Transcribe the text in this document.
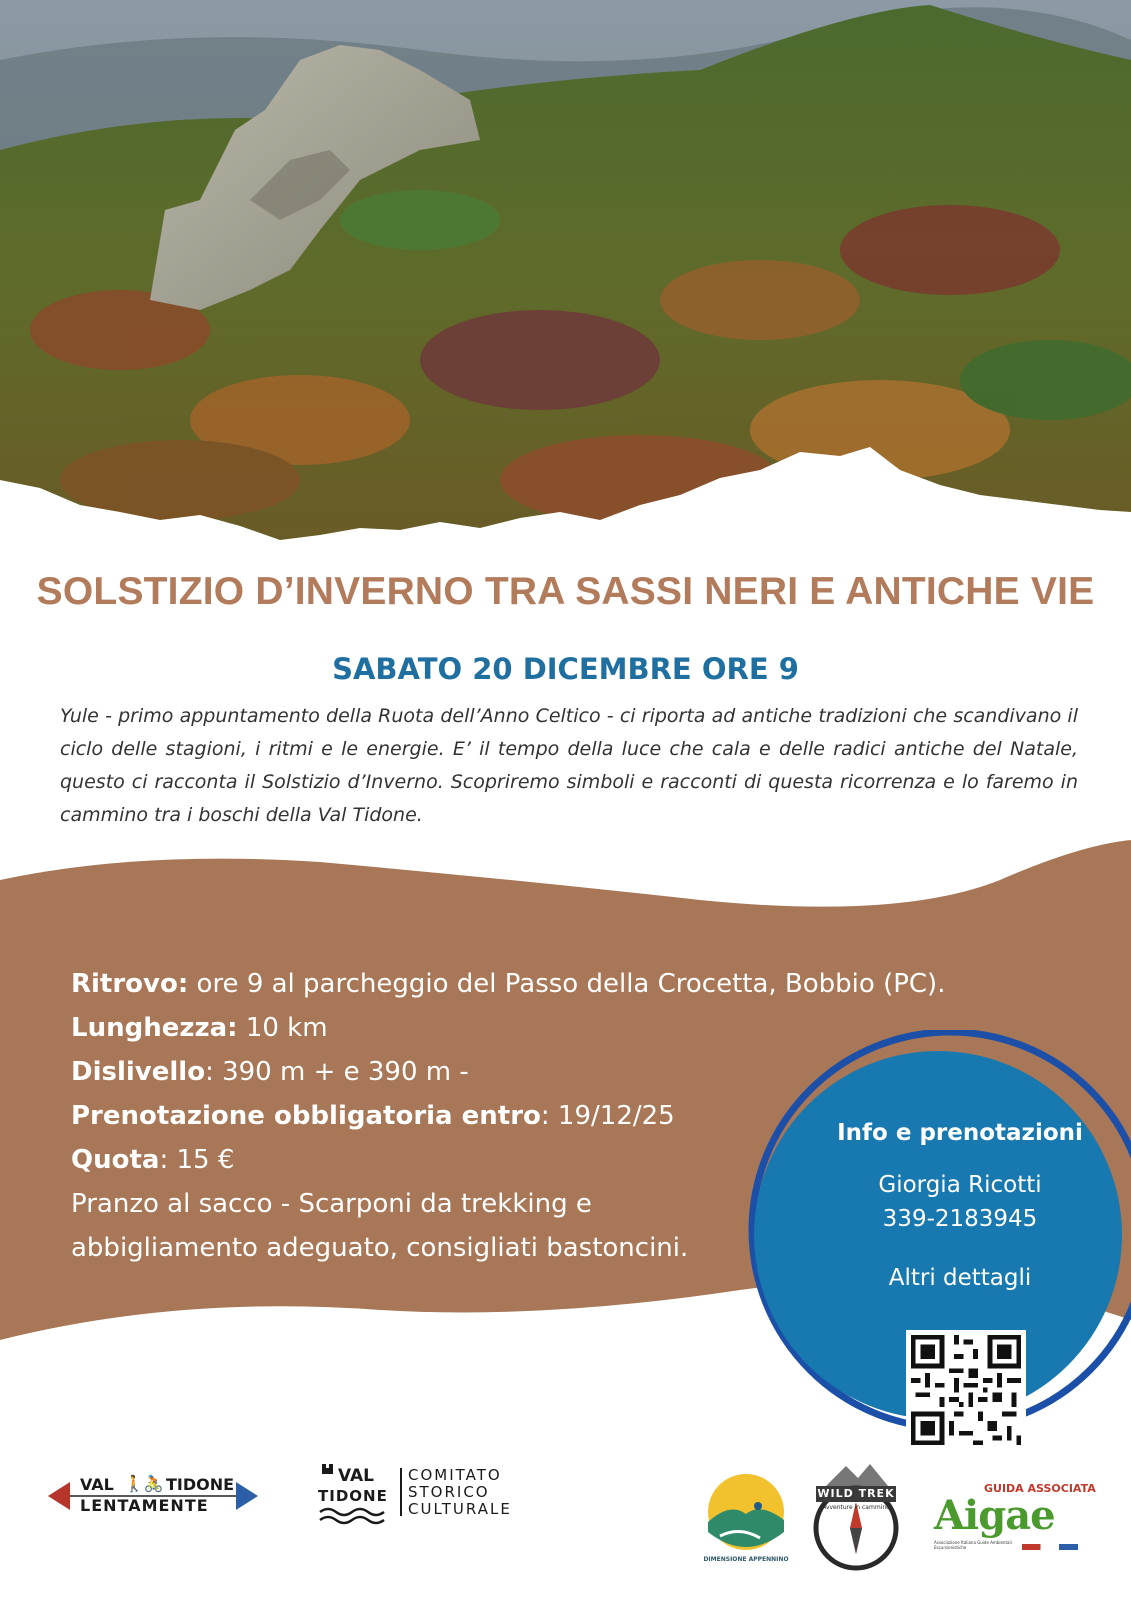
SOLSTIZIO D’INVERNO TRA SASSI NERI E ANTICHE VIE
SABATO 20 DICEMBRE ORE 9
Yule - primo appuntamento della Ruota dell’Anno Celtico - ci riporta ad antiche tradizioni che scandivano il ciclo delle stagioni, i ritmi e le energie. E’ il tempo della luce che cala e delle radici antiche del Natale, questo ci racconta il Solstizio d’Inverno. Scopriremo simboli e racconti di questa ricorrenza e lo faremo in cammino tra i boschi della Val Tidone.
Ritrovo: ore 9 al parcheggio del Passo della Crocetta, Bobbio (PC).
Lunghezza: 10 km
Dislivello: 390 m + e 390 m -
Prenotazione obbligatoria entro: 19/12/25
Quota: 15 €
Pranzo al sacco - Scarponi da trekking e
abbigliamento adeguato, consigliati bastoncini.
Info e prenotazioni
Giorgia Ricotti
339-2183945
Altri dettagli
VAL 🚶🚴 TIDONE
LENTAMENTE
VAL
TIDONE
COMITATO
STORICO
CULTURALE
DIMENSIONE APPENNINO
WILD TREK
Avventure in cammino
GUIDA ASSOCIATA
Aigae
Associazione Italiana Guide Ambientali Escursionistiche
